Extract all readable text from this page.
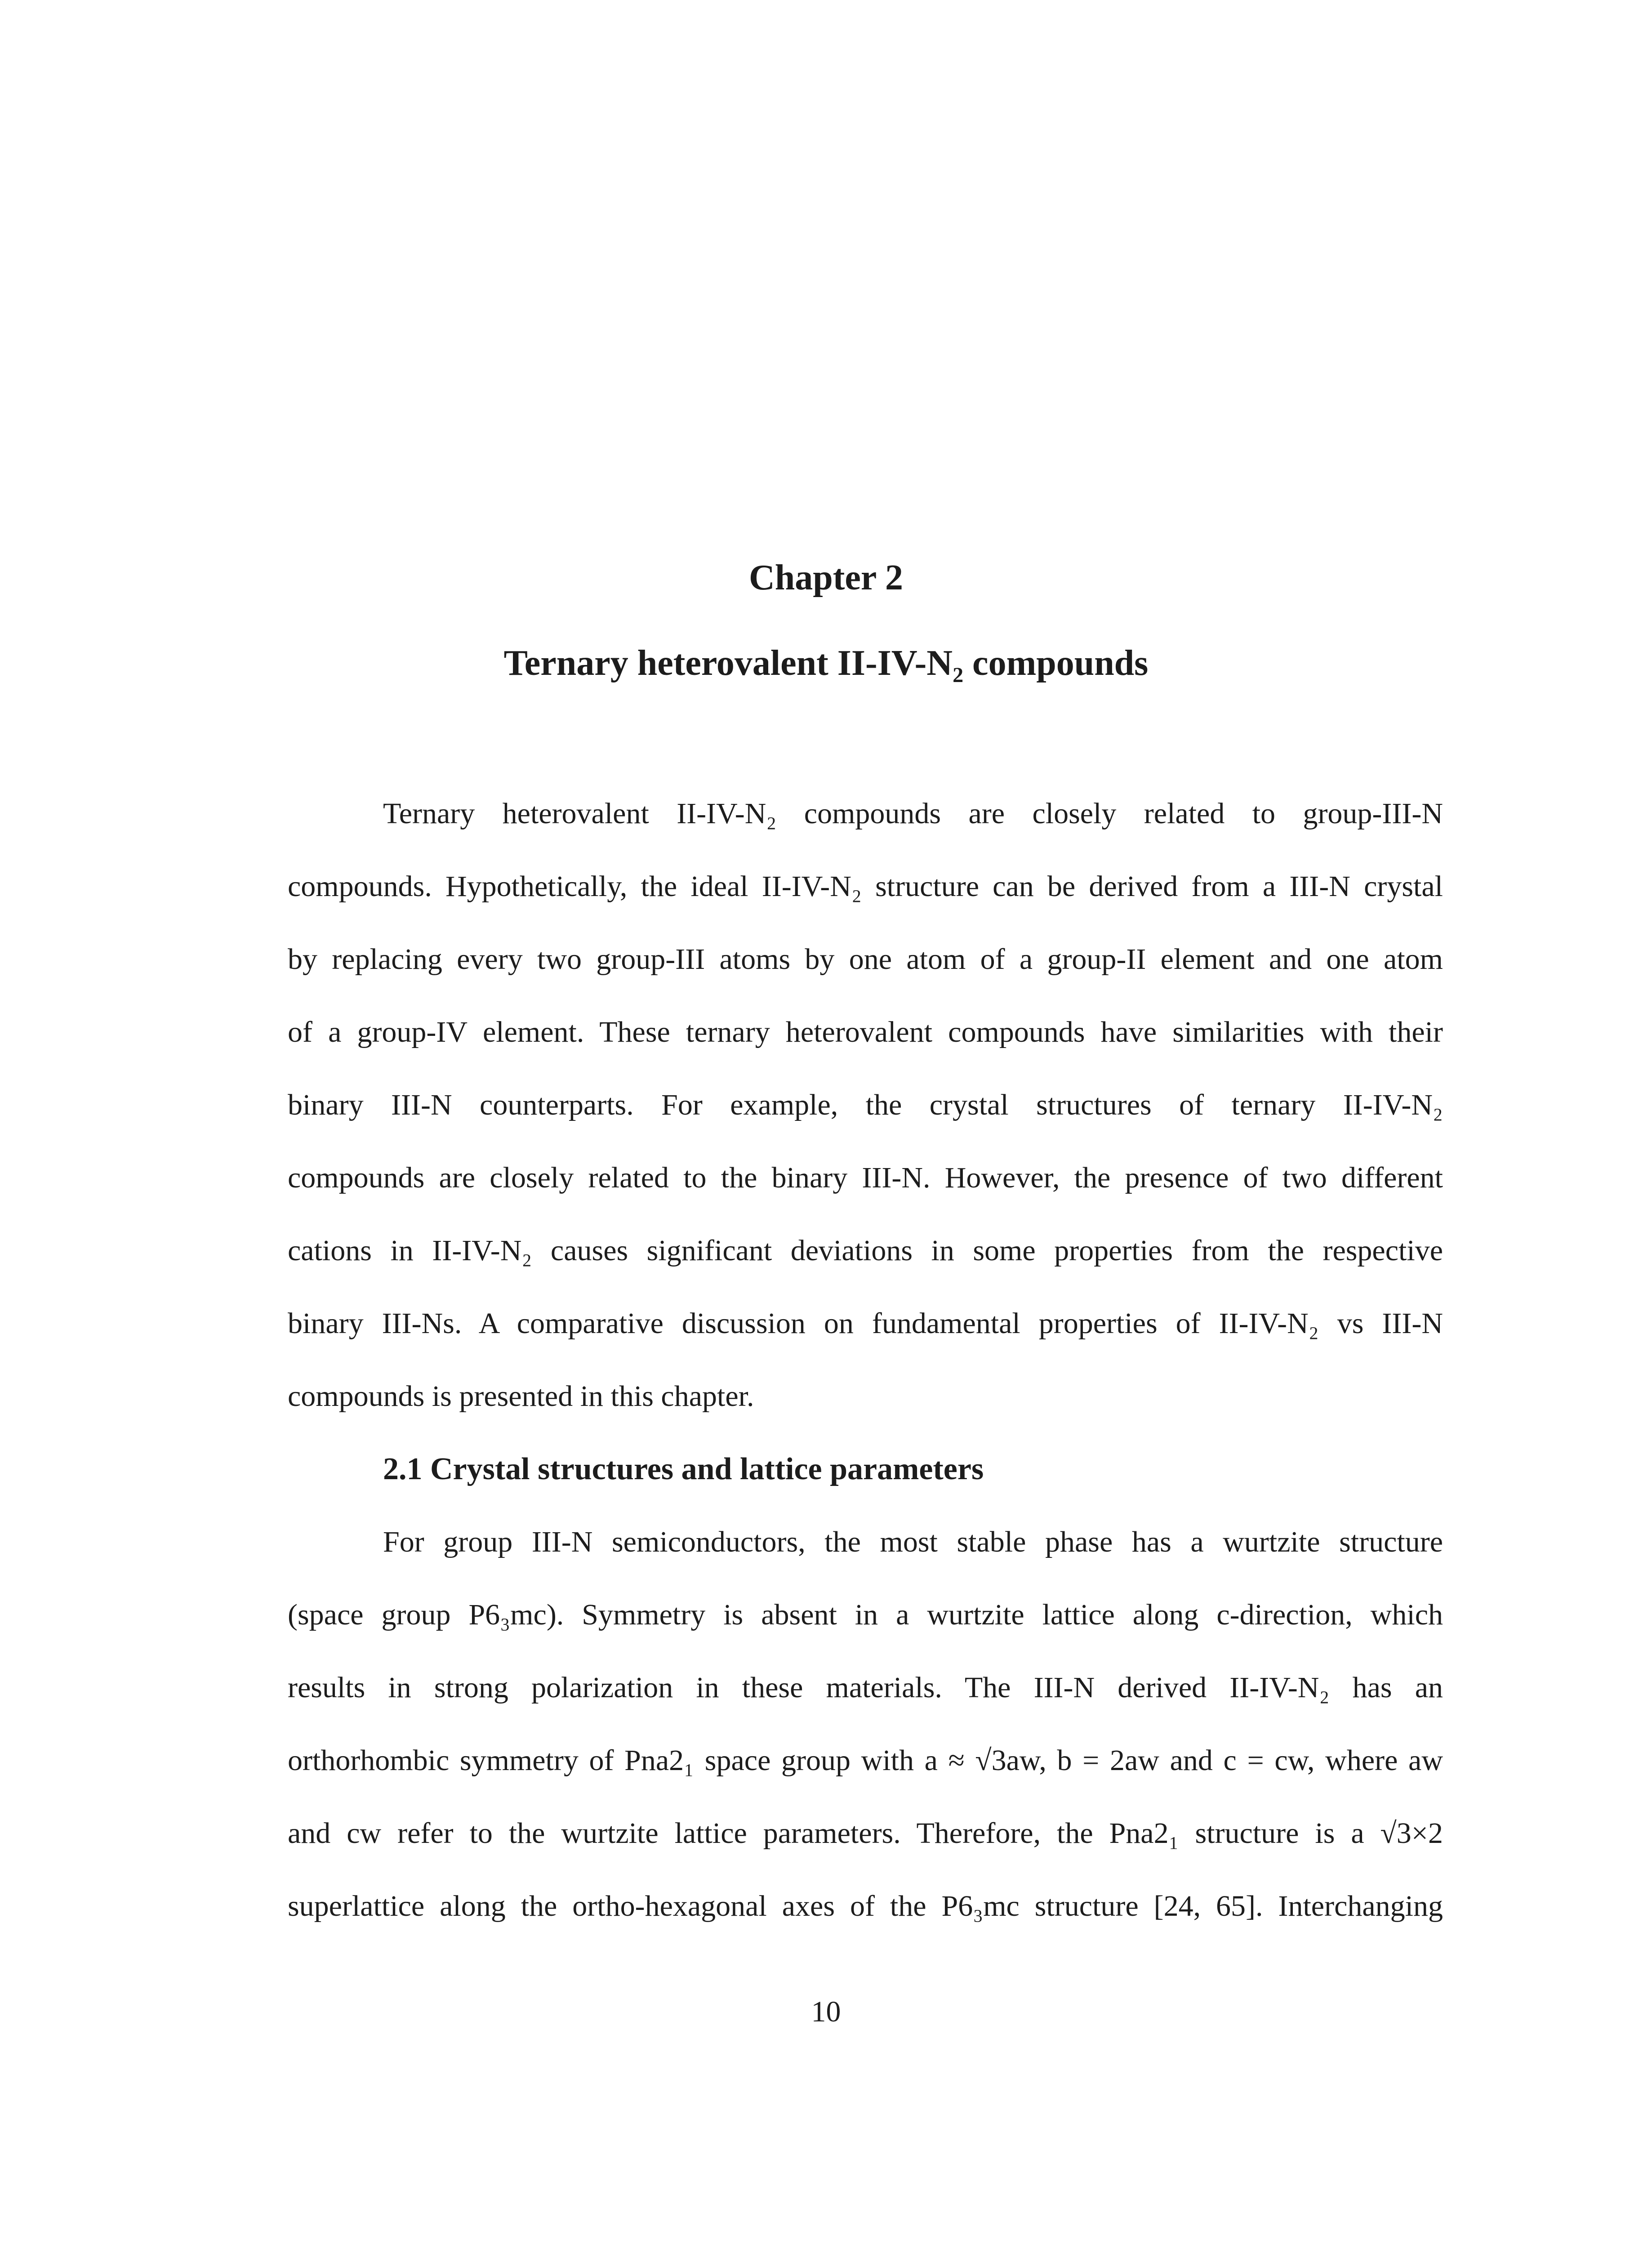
Chapter 2
Ternary heterovalent II-IV-N₂ compounds
Ternary heterovalent II-IV-N₂ compounds are closely related to group-III-N
compounds. Hypothetically, the ideal II-IV-N₂ structure can be derived from a III-N crystal
by replacing every two group-III atoms by one atom of a group-II element and one atom
of a group-IV element. These ternary heterovalent compounds have similarities with their
binary III-N counterparts. For example, the crystal structures of ternary II-IV-N₂
compounds are closely related to the binary III-N. However, the presence of two different
cations in II-IV-N₂ causes significant deviations in some properties from the respective
binary III-Ns. A comparative discussion on fundamental properties of II-IV-N₂ vs III-N
compounds is presented in this chapter.
2.1 Crystal structures and lattice parameters
For group III-N semiconductors, the most stable phase has a wurtzite structure
(space group P6₃mc). Symmetry is absent in a wurtzite lattice along c-direction, which
results in strong polarization in these materials. The III-N derived II-IV-N₂ has an
orthorhombic symmetry of Pna2₁ space group with a ≈ √3aw, b = 2aw and c = cw, where aw
and cw refer to the wurtzite lattice parameters. Therefore, the Pna2₁ structure is a √3×2
superlattice along the ortho-hexagonal axes of the P6₃mc structure [24, 65]. Interchanging

10
